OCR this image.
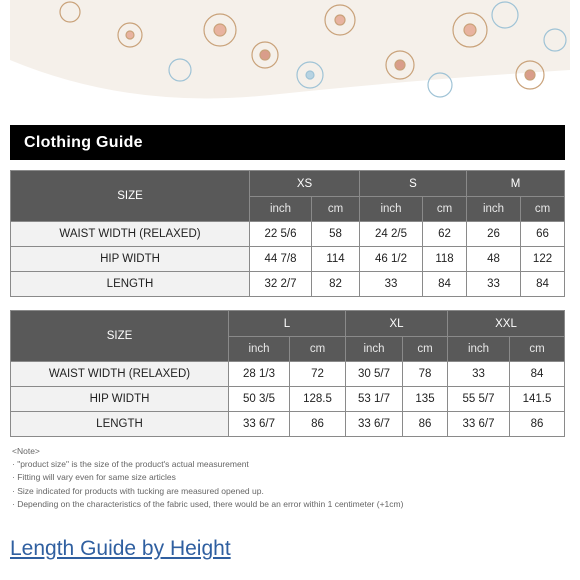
Clothing Guide
SIZE	XS		S		M	
	inch	cm	inch	cm	inch	cm
WAIST WIDTH (RELAXED)	22 5/6	58	24 2/5	62	26	66
HIP WIDTH	44 7/8	114	46 1/2	118	48	122
LENGTH	32 2/7	82	33	84	33	84
SIZE	L		XL		XXL	
	inch	cm	inch	cm	inch	cm
WAIST WIDTH (RELAXED)	28 1/3	72	30 5/7	78	33	84
HIP WIDTH	50 3/5	128.5	53 1/7	135	55 5/7	141.5
LENGTH	33 6/7	86	33 6/7	86	33 6/7	86
<Note>
· "product size" is the size of the product's actual measurement
· Fitting will vary even for same size articles
· Size indicated for products with tucking are measured opened up.
· Depending on the characteristics of the fabric used, there would be an error within 1 centimeter (+1cm)
Length Guide by Height
